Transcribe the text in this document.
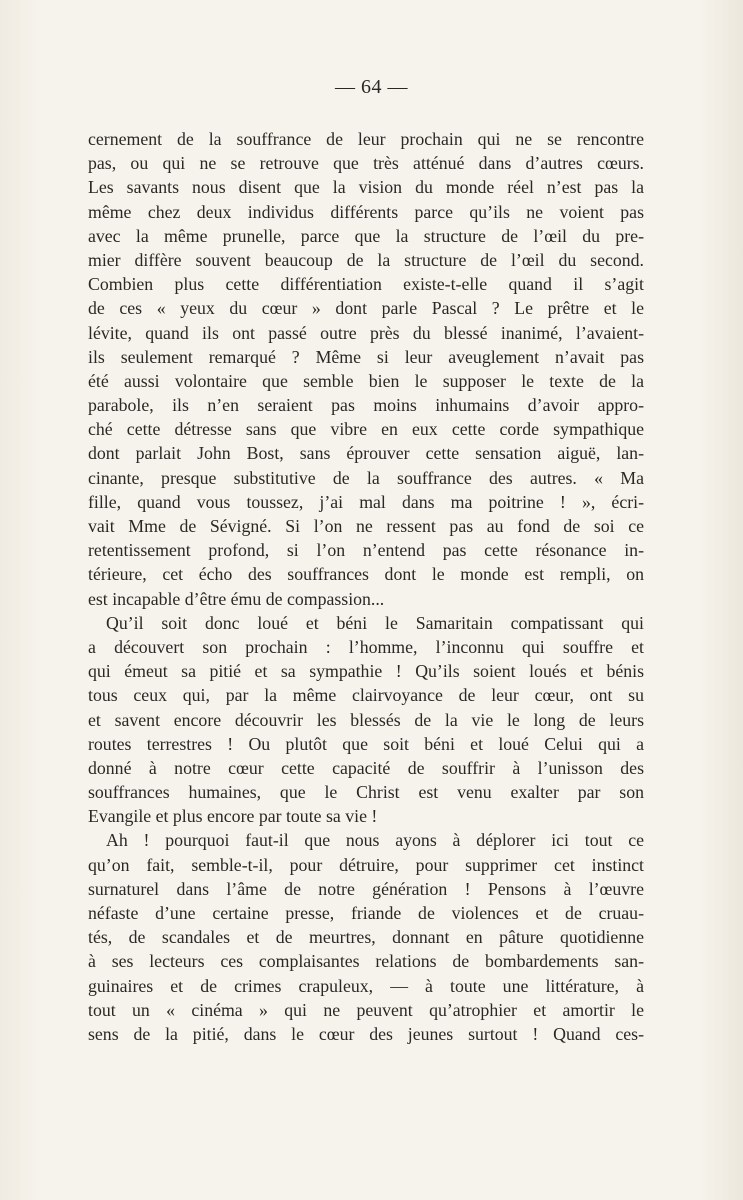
— 64 —
cernement de la souffrance de leur prochain qui ne se rencontre
pas, ou qui ne se retrouve que très atténué dans d’autres cœurs.
Les savants nous disent que la vision du monde réel n’est pas la
même chez deux individus différents parce qu’ils ne voient pas
avec la même prunelle, parce que la structure de l’œil du pre-
mier diffère souvent beaucoup de la structure de l’œil du second.
Combien plus cette différentiation existe-t-elle quand il s’agit
de ces « yeux du cœur » dont parle Pascal ? Le prêtre et le
lévite, quand ils ont passé outre près du blessé inanimé, l’avaient-
ils seulement remarqué ? Même si leur aveuglement n’avait pas
été aussi volontaire que semble bien le supposer le texte de la
parabole, ils n’en seraient pas moins inhumains d’avoir appro-
ché cette détresse sans que vibre en eux cette corde sympathique
dont parlait John Bost, sans éprouver cette sensation aiguë, lan-
cinante, presque substitutive de la souffrance des autres. « Ma
fille, quand vous toussez, j’ai mal dans ma poitrine ! », écri-
vait Mme de Sévigné. Si l’on ne ressent pas au fond de soi ce
retentissement profond, si l’on n’entend pas cette résonance in-
térieure, cet écho des souffrances dont le monde est rempli, on
est incapable d’être ému de compassion...
Qu’il soit donc loué et béni le Samaritain compatissant qui
a découvert son prochain : l’homme, l’inconnu qui souffre et
qui émeut sa pitié et sa sympathie ! Qu’ils soient loués et bénis
tous ceux qui, par la même clairvoyance de leur cœur, ont su
et savent encore découvrir les blessés de la vie le long de leurs
routes terrestres ! Ou plutôt que soit béni et loué Celui qui a
donné à notre cœur cette capacité de souffrir à l’unisson des
souffrances humaines, que le Christ est venu exalter par son
Evangile et plus encore par toute sa vie !
Ah ! pourquoi faut-il que nous ayons à déplorer ici tout ce
qu’on fait, semble-t-il, pour détruire, pour supprimer cet instinct
surnaturel dans l’âme de notre génération ! Pensons à l’œuvre
néfaste d’une certaine presse, friande de violences et de cruau-
tés, de scandales et de meurtres, donnant en pâture quotidienne
à ses lecteurs ces complaisantes relations de bombardements san-
guinaires et de crimes crapuleux, — à toute une littérature, à
tout un « cinéma » qui ne peuvent qu’atrophier et amortir le
sens de la pitié, dans le cœur des jeunes surtout ! Quand ces-
